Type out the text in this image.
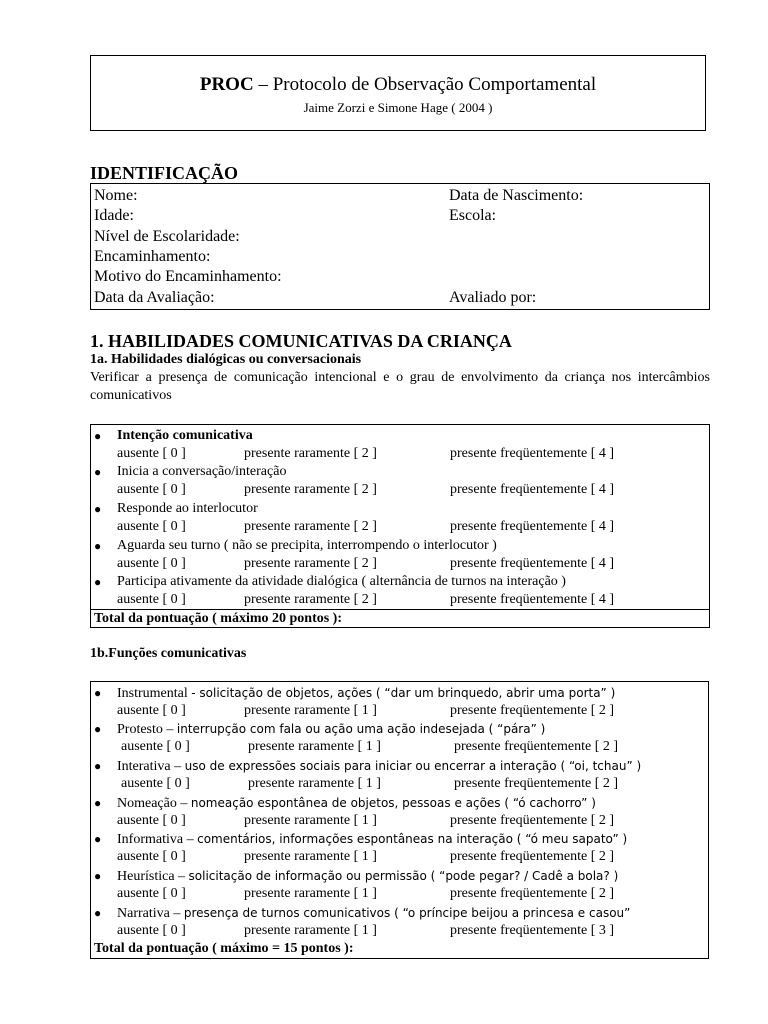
PROC – Protocolo de Observação Comportamental
Jaime Zorzi e Simone Hage ( 2004 )
IDENTIFICAÇÃO
Nome:	Data de Nascimento:
Idade:	Escola:
Nível de Escolaridade:
Encaminhamento:
Motivo do Encaminhamento:
Data da Avaliação:	Avaliado por:
1. HABILIDADES COMUNICATIVAS DA CRIANÇA
1a. Habilidades dialógicas ou conversacionais
Verificar a presença de comunicação intencional e o grau de envolvimento da criança nos intercâmbios comunicativos
● Intenção comunicativa
ausente [ 0 ]	presente raramente [ 2 ]	presente freqüentemente [ 4 ]
● Inicia a conversação/interação
ausente [ 0 ]	presente raramente [ 2 ]	presente freqüentemente [ 4 ]
● Responde ao interlocutor
ausente [ 0 ]	presente raramente [ 2 ]	presente freqüentemente [ 4 ]
● Aguarda seu turno ( não se precipita, interrompendo o interlocutor )
ausente [ 0 ]	presente raramente [ 2 ]	presente freqüentemente [ 4 ]
● Participa ativamente da atividade dialógica ( alternância de turnos na interação )
ausente [ 0 ]	presente raramente [ 2 ]	presente freqüentemente [ 4 ]
Total da pontuação ( máximo 20 pontos ):
1b.Funções comunicativas
● Instrumental - solicitação de objetos, ações ( “dar um brinquedo, abrir uma porta” )
ausente [ 0 ]	presente raramente [ 1 ]	presente freqüentemente [ 2 ]
● Protesto – interrupção com fala ou ação uma ação indesejada ( “pára” )
ausente [ 0 ]	presente raramente [ 1 ]	presente freqüentemente [ 2 ]
● Interativa – uso de expressões sociais para iniciar ou encerrar a interação ( “oi, tchau” )
ausente [ 0 ]	presente raramente [ 1 ]	presente freqüentemente [ 2 ]
● Nomeação – nomeação espontânea de objetos, pessoas e ações ( “ó cachorro” )
ausente [ 0 ]	presente raramente [ 1 ]	presente freqüentemente [ 2 ]
● Informativa – comentários, informações espontâneas na interação ( “ó meu sapato” )
ausente [ 0 ]	presente raramente [ 1 ]	presente freqüentemente [ 2 ]
● Heurística – solicitação de informação ou permissão ( “pode pegar? / Cadê a bola? )
ausente [ 0 ]	presente raramente [ 1 ]	presente freqüentemente [ 2 ]
● Narrativa – presença de turnos comunicativos ( “o príncipe beijou a princesa e casou”
ausente [ 0 ]	presente raramente [ 1 ]	presente freqüentemente [ 3 ]
Total da pontuação ( máximo = 15 pontos ):
